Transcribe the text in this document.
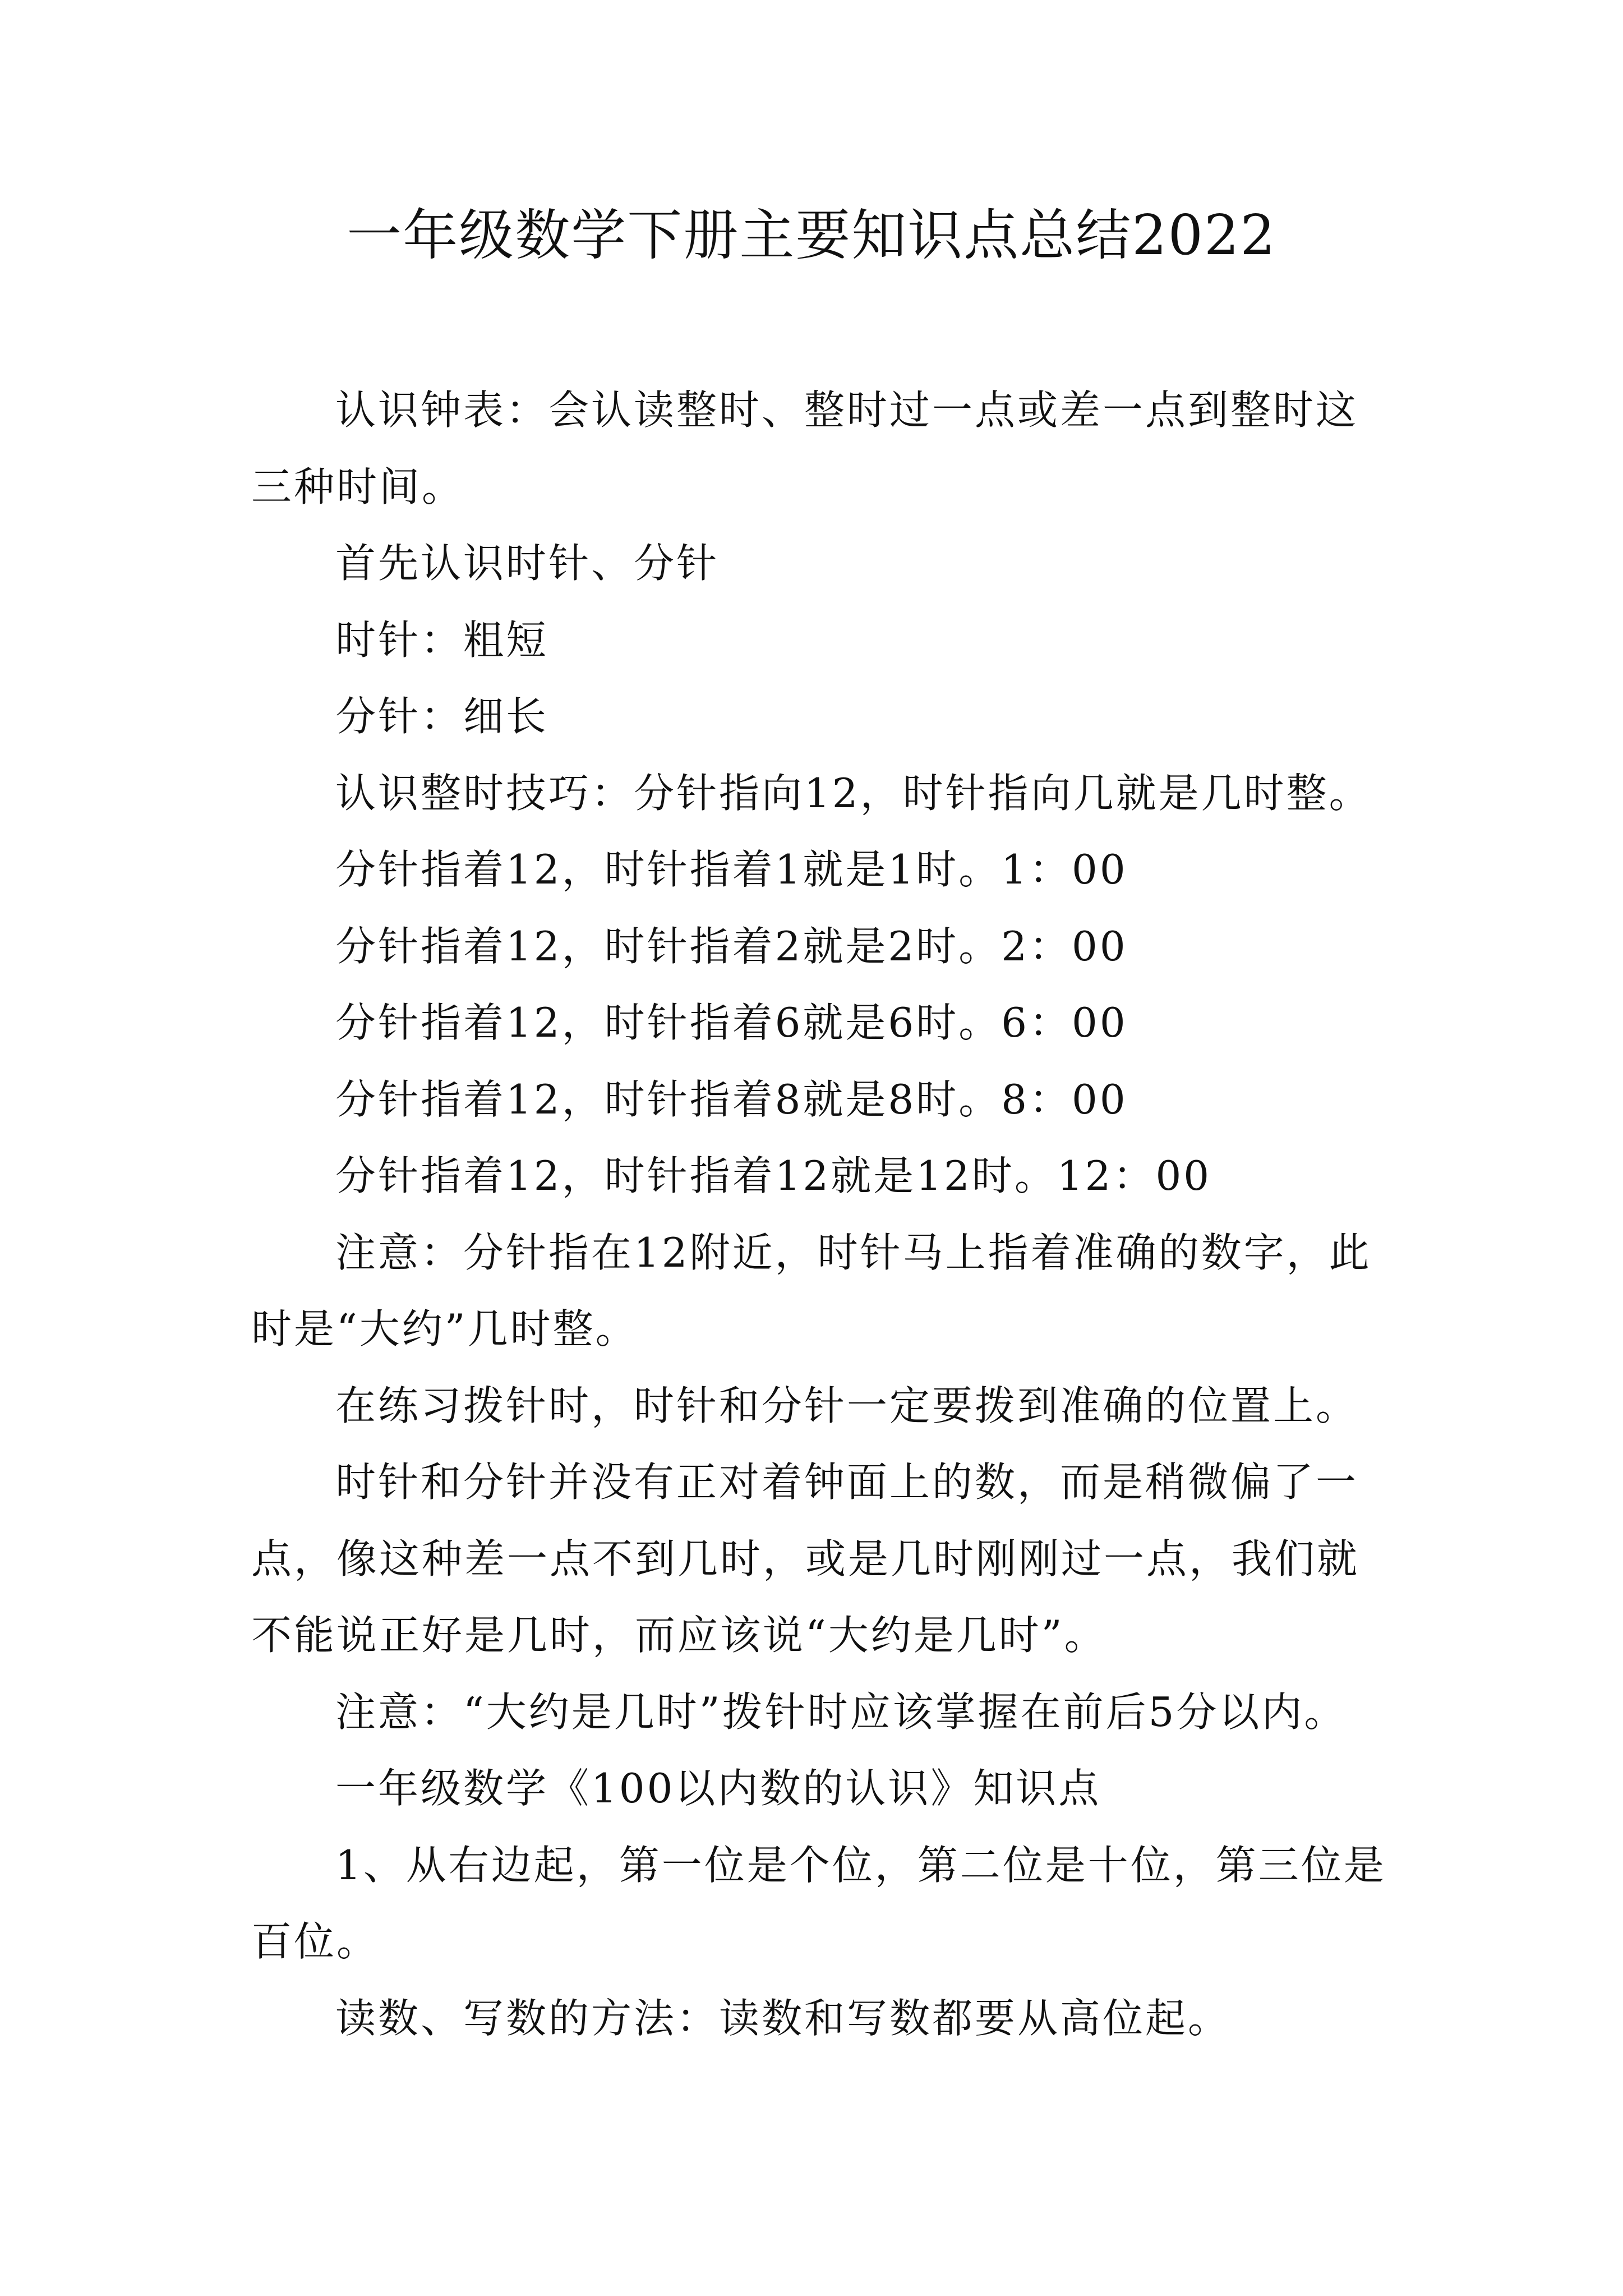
一年级数学下册主要知识点总结2022

认识钟表：会认读整时、整时过一点或差一点到整时这三种时间。

首先认识时针、分针

时针：粗短

分针：细长

认识整时技巧：分针指向12，时针指向几就是几时整。

分针指着12，时针指着1就是1时。1：00

分针指着12，时针指着2就是2时。2：00

分针指着12，时针指着6就是6时。6：00

分针指着12，时针指着8就是8时。8：00

分针指着12，时针指着12就是12时。12：00

注意：分针指在12附近，时针马上指着准确的数字，此时是“大约”几时整。

在练习拨针时，时针和分针一定要拨到准确的位置上。

时针和分针并没有正对着钟面上的数，而是稍微偏了一点，像这种差一点不到几时，或是几时刚刚过一点，我们就不能说正好是几时，而应该说“大约是几时”。

注意：“大约是几时”拨针时应该掌握在前后5分以内。

一年级数学《100以内数的认识》知识点

1、从右边起，第一位是个位，第二位是十位，第三位是百位。

读数、写数的方法：读数和写数都要从高位起。
